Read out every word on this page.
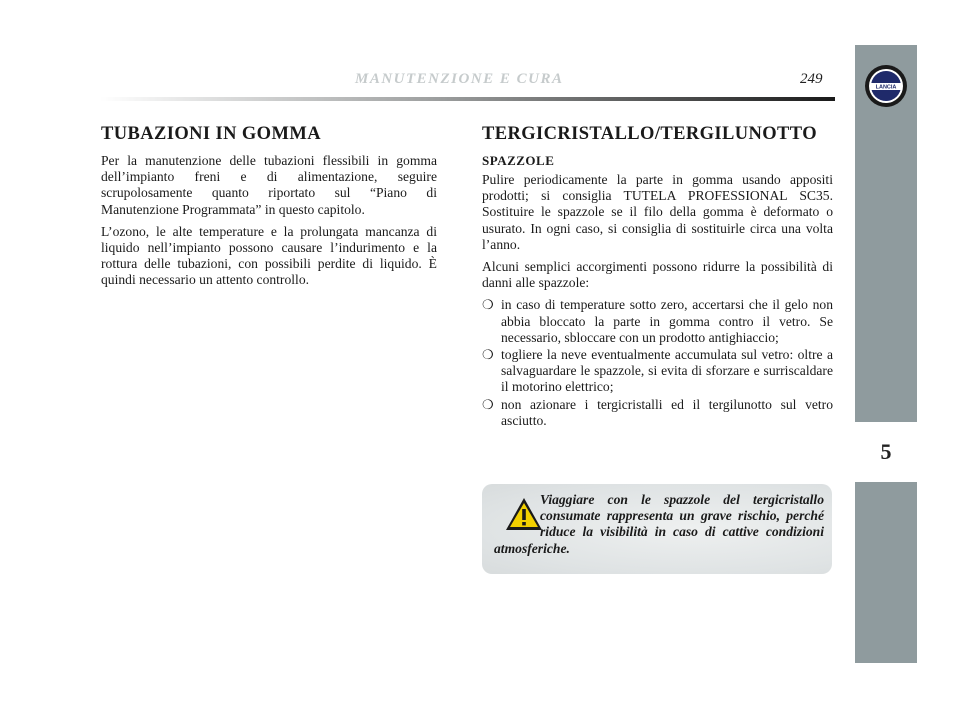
MANUTENZIONE E CURA	249
LANCIA
5
TUBAZIONI IN GOMMA

Per la manutenzione delle tubazioni flessibili in gomma dell’impianto freni e di alimentazione, seguire scrupolosamente quanto riportato sul “Piano di Manutenzione Programmata” in questo capitolo.

L’ozono, le alte temperature e la prolungata mancanza di liquido nell’impianto possono causare l’indurimento e la rottura delle tubazioni, con possibili perdite di liquido. È quindi necessario un attento controllo.

TERGICRISTALLO/TERGILUNOTTO
SPAZZOLE

Pulire periodicamente la parte in gomma usando appositi prodotti; si consiglia TUTELA PROFESSIONAL SC35. Sostituire le spazzole se il filo della gomma è deformato o usurato. In ogni caso, si consiglia di sostituirle circa una volta l’anno.

Alcuni semplici accorgimenti possono ridurre la possibilità di danni alle spazzole:

❍ in caso di temperature sotto zero, accertarsi che il gelo non abbia bloccato la parte in gomma contro il vetro. Se necessario, sbloccare con un prodotto antighiaccio;
❍ togliere la neve eventualmente accumulata sul vetro: oltre a salvaguardare le spazzole, si evita di sforzare e surriscaldare il motorino elettrico;
❍ non azionare i tergicristalli ed il tergilunotto sul vetro asciutto.
Viaggiare con le spazzole del tergicristallo consumate rappresenta un grave rischio, perché riduce la visibilità in caso di cattive condizioni atmosferiche.
